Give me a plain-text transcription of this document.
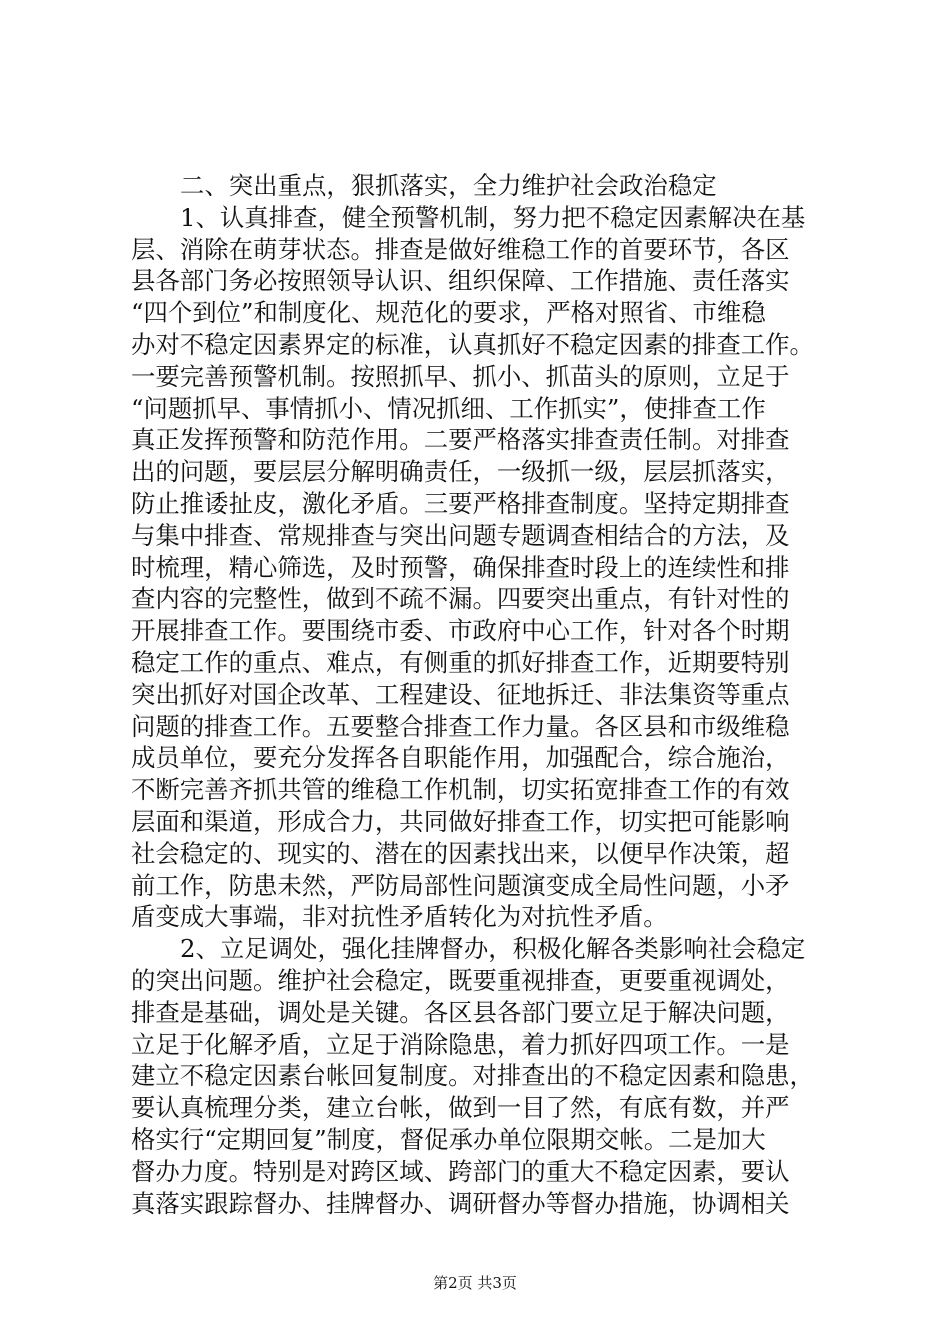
二、突出重点，狠抓落实，全力维护社会政治稳定
1、认真排查，健全预警机制，努力把不稳定因素解决在基
层、消除在萌芽状态。排查是做好维稳工作的首要环节，各区
县各部门务必按照领导认识、组织保障、工作措施、责任落实
“四个到位”和制度化、规范化的要求，严格对照省、市维稳
办对不稳定因素界定的标准，认真抓好不稳定因素的排查工作。
一要完善预警机制。按照抓早、抓小、抓苗头的原则，立足于
“问题抓早、事情抓小、情况抓细、工作抓实”，使排查工作
真正发挥预警和防范作用。二要严格落实排查责任制。对排查
出的问题，要层层分解明确责任，一级抓一级，层层抓落实，
防止推诿扯皮，激化矛盾。三要严格排查制度。坚持定期排查
与集中排查、常规排查与突出问题专题调查相结合的方法，及
时梳理，精心筛选，及时预警，确保排查时段上的连续性和排
查内容的完整性，做到不疏不漏。四要突出重点，有针对性的
开展排查工作。要围绕市委、市政府中心工作，针对各个时期
稳定工作的重点、难点，有侧重的抓好排查工作，近期要特别
突出抓好对国企改革、工程建设、征地拆迁、非法集资等重点
问题的排查工作。五要整合排查工作力量。各区县和市级维稳
成员单位，要充分发挥各自职能作用，加强配合，综合施治，
不断完善齐抓共管的维稳工作机制，切实拓宽排查工作的有效
层面和渠道，形成合力，共同做好排查工作，切实把可能影响
社会稳定的、现实的、潜在的因素找出来，以便早作决策，超
前工作，防患未然，严防局部性问题演变成全局性问题，小矛
盾变成大事端，非对抗性矛盾转化为对抗性矛盾。
2、立足调处，强化挂牌督办，积极化解各类影响社会稳定
的突出问题。维护社会稳定，既要重视排查，更要重视调处，
排查是基础，调处是关键。各区县各部门要立足于解决问题，
立足于化解矛盾，立足于消除隐患，着力抓好四项工作。一是
建立不稳定因素台帐回复制度。对排查出的不稳定因素和隐患，
要认真梳理分类，建立台帐，做到一目了然，有底有数，并严
格实行“定期回复”制度，督促承办单位限期交帐。二是加大
督办力度。特别是对跨区域、跨部门的重大不稳定因素，要认
真落实跟踪督办、挂牌督办、调研督办等督办措施，协调相关
第2页 共3页
